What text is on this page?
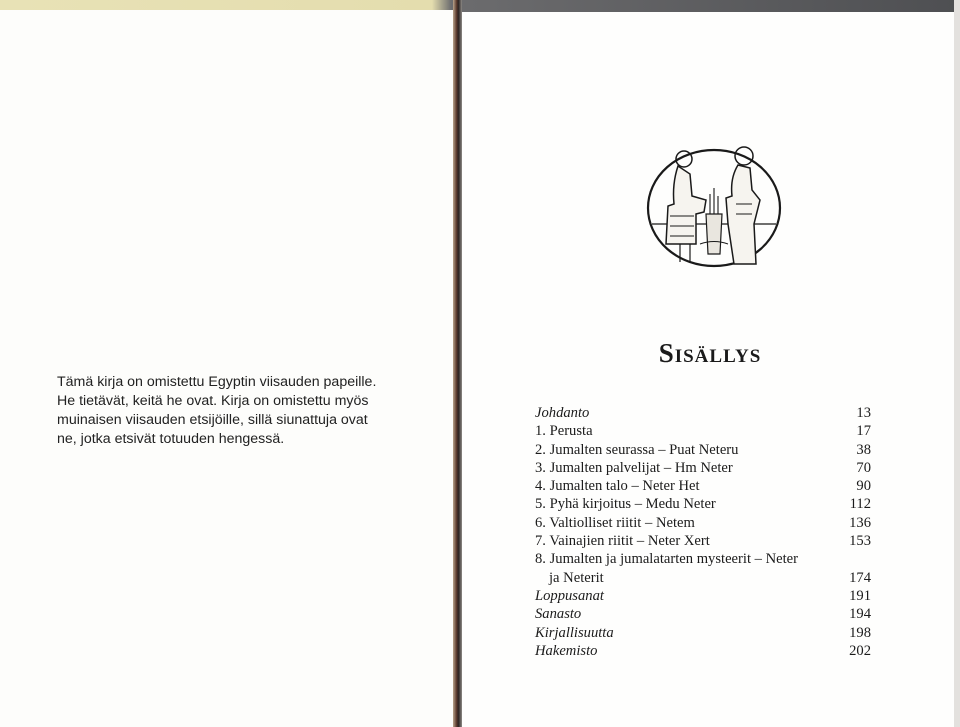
Tämä kirja on omistettu Egyptin viisauden papeille.
He tietävät, keitä he ovat. Kirja on omistettu myös
muinaisen viisauden etsijöille, sillä siunattuja ovat
ne, jotka etsivät totuuden hengessä.

Sisällys
Johdanto	13
1. Perusta	17
2. Jumalten seurassa – Puat Neteru	38
3. Jumalten palvelijat – Hm Neter	70
4. Jumalten talo – Neter Het	90
5. Pyhä kirjoitus – Medu Neter	112
6. Valtiolliset riitit – Netem	136
7. Vainajien riitit – Neter Xert	153
8. Jumalten ja jumalatarten mysteerit – Neter
ja Neterit	174
Loppusanat	191
Sanasto	194
Kirjallisuutta	198
Hakemisto	202
